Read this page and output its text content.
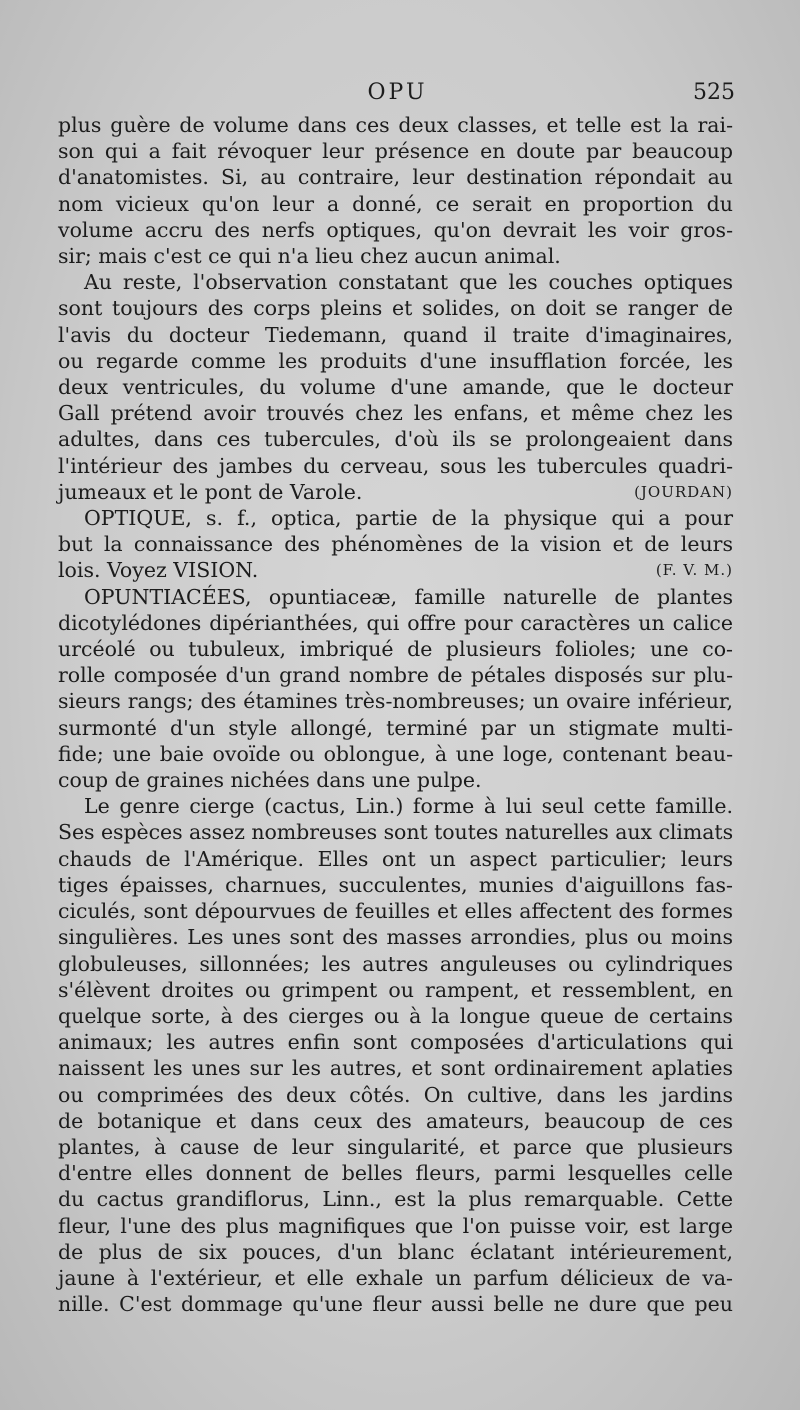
OPU	525

plus guère de volume dans ces deux classes, et telle est la rai-
son qui a fait révoquer leur présence en doute par beaucoup
d'anatomistes. Si, au contraire, leur destination répondait au
nom vicieux qu'on leur a donné, ce serait en proportion du
volume accru des nerfs optiques, qu'on devrait les voir gros-
sir; mais c'est ce qui n'a lieu chez aucun animal.

Au reste, l'observation constatant que les couches optiques
sont toujours des corps pleins et solides, on doit se ranger de
l'avis du docteur Tiedemann, quand il traite d'imaginaires,
ou regarde comme les produits d'une insufflation forcée, les
deux ventricules, du volume d'une amande, que le docteur
Gall prétend avoir trouvés chez les enfans, et même chez les
adultes, dans ces tubercules, d'où ils se prolongeaient dans
l'intérieur des jambes du cerveau, sous les tubercules quadri-
jumeaux et le pont de Varole.	(JOURDAN)

OPTIQUE, s. f., optica, partie de la physique qui a pour
but la connaissance des phénomènes de la vision et de leurs
lois. Voyez VISION.	(F. V. M.)

OPUNTIACÉES, opuntiaceæ, famille naturelle de plantes
dicotylédones dipérianthées, qui offre pour caractères un calice
urcéolé ou tubuleux, imbriqué de plusieurs folioles; une co-
rolle composée d'un grand nombre de pétales disposés sur plu-
sieurs rangs; des étamines très-nombreuses; un ovaire inférieur,
surmonté d'un style allongé, terminé par un stigmate multi-
fide; une baie ovoïde ou oblongue, à une loge, contenant beau-
coup de graines nichées dans une pulpe.

Le genre cierge (cactus, Lin.) forme à lui seul cette famille.
Ses espèces assez nombreuses sont toutes naturelles aux climats
chauds de l'Amérique. Elles ont un aspect particulier; leurs
tiges épaisses, charnues, succulentes, munies d'aiguillons fas-
ciculés, sont dépourvues de feuilles et elles affectent des formes
singulières. Les unes sont des masses arrondies, plus ou moins
globuleuses, sillonnées; les autres anguleuses ou cylindriques
s'élèvent droites ou grimpent ou rampent, et ressemblent, en
quelque sorte, à des cierges ou à la longue queue de certains
animaux; les autres enfin sont composées d'articulations qui
naissent les unes sur les autres, et sont ordinairement aplaties
ou comprimées des deux côtés. On cultive, dans les jardins
de botanique et dans ceux des amateurs, beaucoup de ces
plantes, à cause de leur singularité, et parce que plusieurs
d'entre elles donnent de belles fleurs, parmi lesquelles celle
du cactus grandiflorus, Linn., est la plus remarquable. Cette
fleur, l'une des plus magnifiques que l'on puisse voir, est large
de plus de six pouces, d'un blanc éclatant intérieurement,
jaune à l'extérieur, et elle exhale un parfum délicieux de va-
nille. C'est dommage qu'une fleur aussi belle ne dure que peu
